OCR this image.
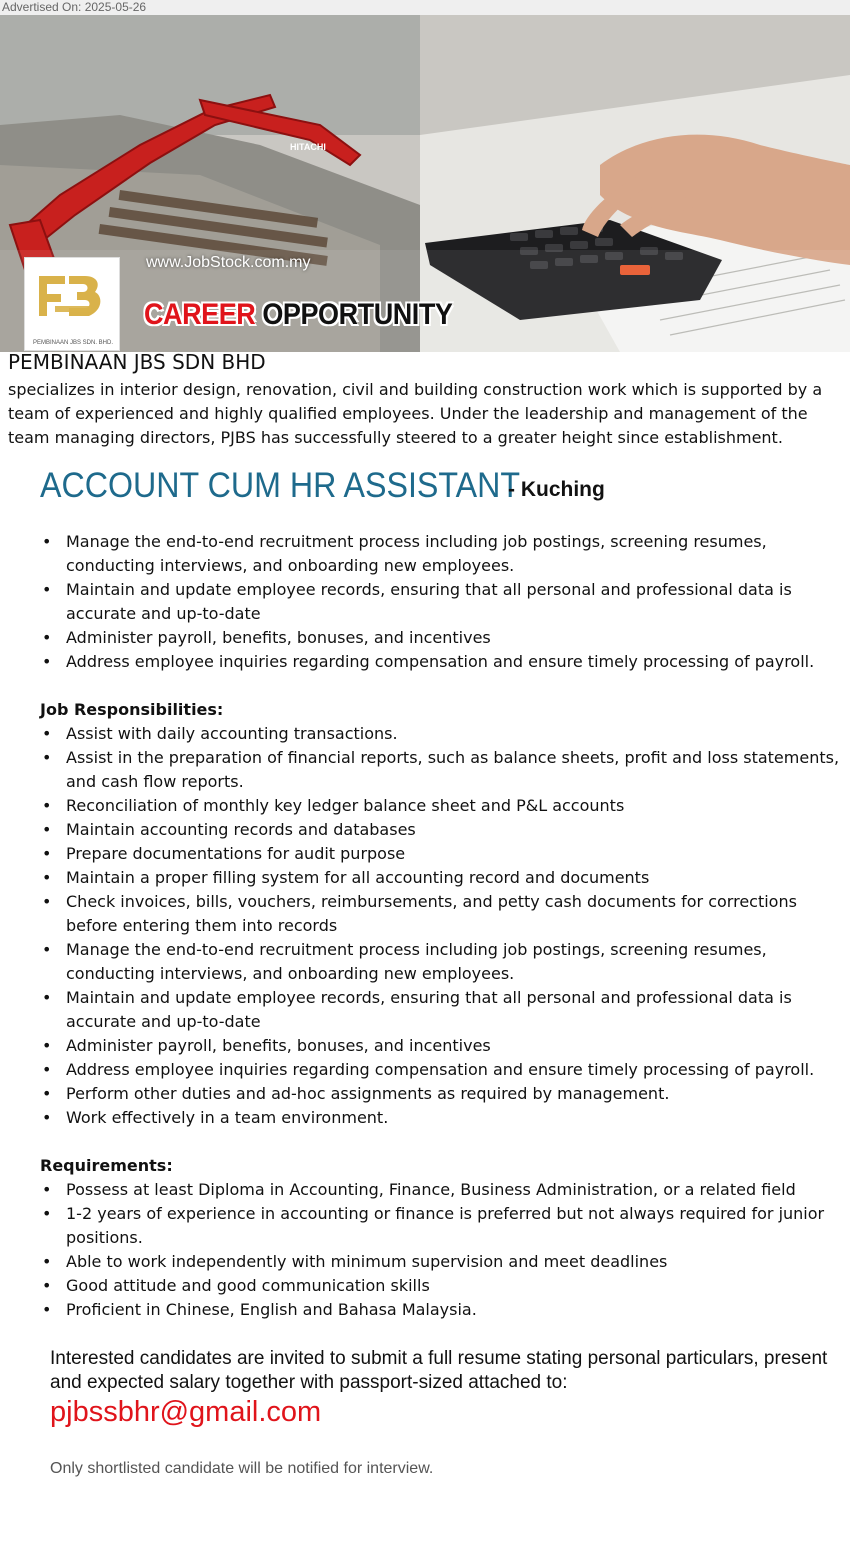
Advertised On: 2025-05-26
HITACHI
PEMBINAAN JBS SDN. BHD.
www.JobStock.com.my
CAREER OPPORTUNITY
PEMBINAAN JBS SDN BHD
specializes in interior design, renovation, civil and building construction work which is supported by a team of experienced and highly qualified employees. Under the leadership and management of the team managing directors, PJBS has successfully steered to a greater height since establishment.
ACCOUNT CUM HR ASSISTANT
- Kuching
• Manage the end-to-end recruitment process including job postings, screening resumes, conducting interviews, and onboarding new employees.
• Maintain and update employee records, ensuring that all personal and professional data is accurate and up-to-date
• Administer payroll, benefits, bonuses, and incentives
• Address employee inquiries regarding compensation and ensure timely processing of payroll.
Job Responsibilities:
• Assist with daily accounting transactions.
• Assist in the preparation of financial reports, such as balance sheets, profit and loss statements, and cash flow reports.
• Reconciliation of monthly key ledger balance sheet and P&L accounts
• Maintain accounting records and databases
• Prepare documentations for audit purpose
• Maintain a proper filling system for all accounting record and documents
• Check invoices, bills, vouchers, reimbursements, and petty cash documents for corrections before entering them into records
• Manage the end-to-end recruitment process including job postings, screening resumes, conducting interviews, and onboarding new employees.
• Maintain and update employee records, ensuring that all personal and professional data is accurate and up-to-date
• Administer payroll, benefits, bonuses, and incentives
• Address employee inquiries regarding compensation and ensure timely processing of payroll.
• Perform other duties and ad-hoc assignments as required by management.
• Work effectively in a team environment.
Requirements:
• Possess at least Diploma in Accounting, Finance, Business Administration, or a related field
• 1-2 years of experience in accounting or finance is preferred but not always required for junior positions.
• Able to work independently with minimum supervision and meet deadlines
• Good attitude and good communication skills
• Proficient in Chinese, English and Bahasa Malaysia.
Interested candidates are invited to submit a full resume stating personal particulars, present and expected salary together with passport-sized attached to:
pjbssbhr@gmail.com
Only shortlisted candidate will be notified for interview.
